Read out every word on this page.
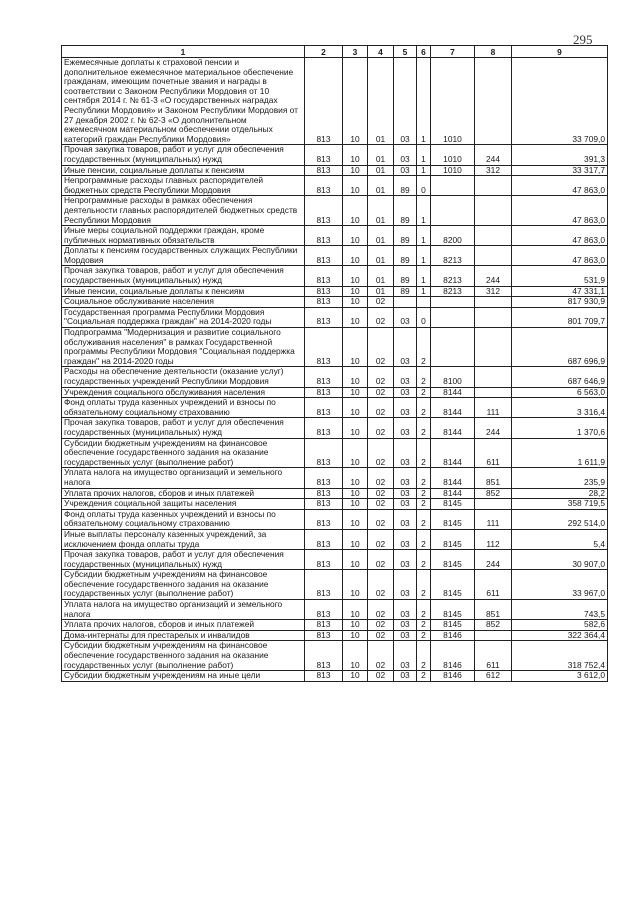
295
1	2	3	4	5	6	7	8	9
Ежемесячные доплаты к страховой пенсии и дополнительное ежемесячное материальное обеспечение гражданам, имеющим почетные звания и награды в соответствии с Законом Республики Мордовия от 10 сентября 2014 г. № 61-3 «О государственных наградах Республики Мордовия» и Законом Республики Мордовия от 27 декабря 2002 г. № 62-3 «О дополнительном ежемесячном материальном обеспечении отдельных категорий граждан Республики Мордовия»	813	10	01	03	1	1010		33 709,0
Прочая закупка товаров, работ и услуг для обеспечения государственных (муниципальных) нужд	813	10	01	03	1	1010	244	391,3
Иные пенсии, социальные доплаты к пенсиям	813	10	01	03	1	1010	312	33 317,7
Непрограммные расходы главных распорядителей бюджетных средств Республики Мордовия	813	10	01	89	0			47 863,0
Непрограммные расходы в рамках обеспечения деятельности главных распорядителей бюджетных средств Республики Мордовия	813	10	01	89	1			47 863,0
Иные меры социальной поддержки граждан, кроме публичных нормативных обязательств	813	10	01	89	1	8200		47 863,0
Доплаты к пенсиям государственных служащих Республики Мордовия	813	10	01	89	1	8213		47 863,0
Прочая закупка товаров, работ и услуг для обеспечения государственных (муниципальных) нужд	813	10	01	89	1	8213	244	531,9
Иные пенсии, социальные доплаты к пенсиям	813	10	01	89	1	8213	312	47 331,1
Социальное обслуживание населения	813	10	02					817 930,9
Государственная программа Республики Мордовия "Социальная поддержка граждан" на 2014-2020 годы	813	10	02	03	0			801 709,7
Подпрограмма "Модернизация и развитие социального обслуживания населения" в рамках Государственной программы Республики Мордовия "Социальная поддержка граждан" на 2014-2020 годы	813	10	02	03	2			687 696,9
Расходы на обеспечение деятельности (оказание услуг) государственных учреждений Республики Мордовия	813	10	02	03	2	8100		687 646,9
Учреждения социального обслуживания населения	813	10	02	03	2	8144		6 563,0
Фонд оплаты труда казенных учреждений и взносы по обязательному социальному страхованию	813	10	02	03	2	8144	111	3 316,4
Прочая закупка товаров, работ и услуг для обеспечения государственных (муниципальных) нужд	813	10	02	03	2	8144	244	1 370,6
Субсидии бюджетным учреждениям на финансовое обеспечение государственного задания на оказание государственных услуг (выполнение работ)	813	10	02	03	2	8144	611	1 611,9
Уплата налога на имущество организаций и земельного налога	813	10	02	03	2	8144	851	235,9
Уплата прочих налогов, сборов и иных платежей	813	10	02	03	2	8144	852	28,2
Учреждения социальной защиты населения	813	10	02	03	2	8145		358 719,5
Фонд оплаты труда казенных учреждений и взносы по обязательному социальному страхованию	813	10	02	03	2	8145	111	292 514,0
Иные выплаты персоналу казенных учреждений, за исключением фонда оплаты труда	813	10	02	03	2	8145	112	5,4
Прочая закупка товаров, работ и услуг для обеспечения государственных (муниципальных) нужд	813	10	02	03	2	8145	244	30 907,0
Субсидии бюджетным учреждениям на финансовое обеспечение государственного задания на оказание государственных услуг (выполнение работ)	813	10	02	03	2	8145	611	33 967,0
Уплата налога на имущество организаций и земельного налога	813	10	02	03	2	8145	851	743,5
Уплата прочих налогов, сборов и иных платежей	813	10	02	03	2	8145	852	582,6
Дома-интернаты для престарелых и инвалидов	813	10	02	03	2	8146		322 364,4
Субсидии бюджетным учреждениям на финансовое обеспечение государственного задания на оказание государственных услуг (выполнение работ)	813	10	02	03	2	8146	611	318 752,4
Субсидии бюджетным учреждениям на иные цели	813	10	02	03	2	8146	612	3 612,0
